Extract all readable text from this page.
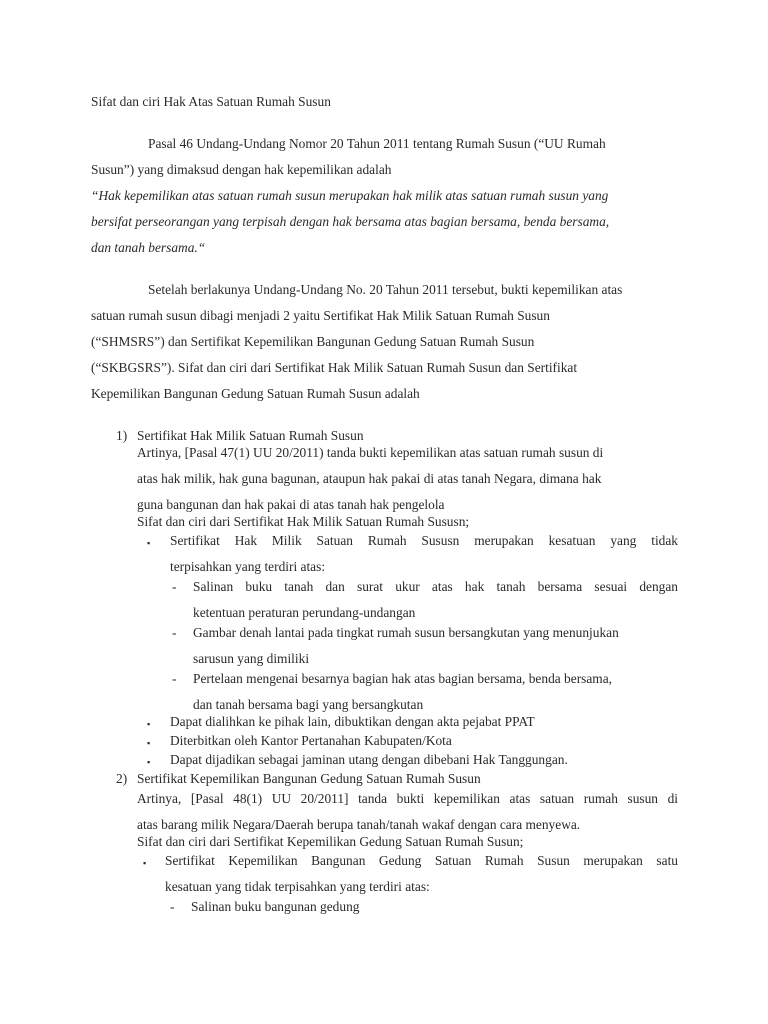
Sifat dan ciri Hak Atas Satuan Rumah Susun
Pasal 46 Undang-Undang Nomor 20 Tahun 2011 tentang Rumah Susun (“UU Rumah
Susun”) yang dimaksud dengan hak kepemilikan adalah
“Hak kepemilikan atas satuan rumah susun merupakan hak milik atas satuan rumah susun yang
bersifat perseorangan yang terpisah dengan hak bersama atas bagian bersama, benda bersama,
dan tanah bersama.“
Setelah berlakunya Undang-Undang No. 20 Tahun 2011 tersebut, bukti kepemilikan atas
satuan rumah susun dibagi menjadi 2 yaitu Sertifikat Hak Milik Satuan Rumah Susun
(“SHMSRS”) dan Sertifikat Kepemilikan Bangunan Gedung Satuan Rumah Susun
(“SKBGSRS”). Sifat dan ciri dari Sertifikat Hak Milik Satuan Rumah Susun dan Sertifikat
Kepemilikan Bangunan Gedung Satuan Rumah Susun adalah
1) Sertifikat Hak Milik Satuan Rumah Susun
Artinya, [Pasal 47(1) UU 20/2011) tanda bukti kepemilikan atas satuan rumah susun di
atas hak milik, hak guna bagunan, ataupun hak pakai di atas tanah Negara, dimana hak
guna bangunan dan hak pakai di atas tanah hak pengelola
Sifat dan ciri dari Sertifikat Hak Milik Satuan Rumah Sususn;
▪ Sertifikat Hak Milik Satuan Rumah Sususn merupakan kesatuan yang tidak
terpisahkan yang terdiri atas:
- Salinan buku tanah dan surat ukur atas hak tanah bersama sesuai dengan
ketentuan peraturan perundang-undangan
- Gambar denah lantai pada tingkat rumah susun bersangkutan yang menunjukan
sarusun yang dimiliki
- Pertelaan mengenai besarnya bagian hak atas bagian bersama, benda bersama,
dan tanah bersama bagi yang bersangkutan
▪ Dapat dialihkan ke pihak lain, dibuktikan dengan akta pejabat PPAT
▪ Diterbitkan oleh Kantor Pertanahan Kabupaten/Kota
▪ Dapat dijadikan sebagai jaminan utang dengan dibebani Hak Tanggungan.
2) Sertifikat Kepemilikan Bangunan Gedung Satuan Rumah Susun
Artinya, [Pasal 48(1) UU 20/2011] tanda bukti kepemilikan atas satuan rumah susun di
atas barang milik Negara/Daerah berupa tanah/tanah wakaf dengan cara menyewa.
Sifat dan ciri dari Sertifikat Kepemilikan Gedung Satuan Rumah Susun;
▪ Sertifikat Kepemilikan Bangunan Gedung Satuan Rumah Susun merupakan satu
kesatuan yang tidak terpisahkan yang terdiri atas:
- Salinan buku bangunan gedung
